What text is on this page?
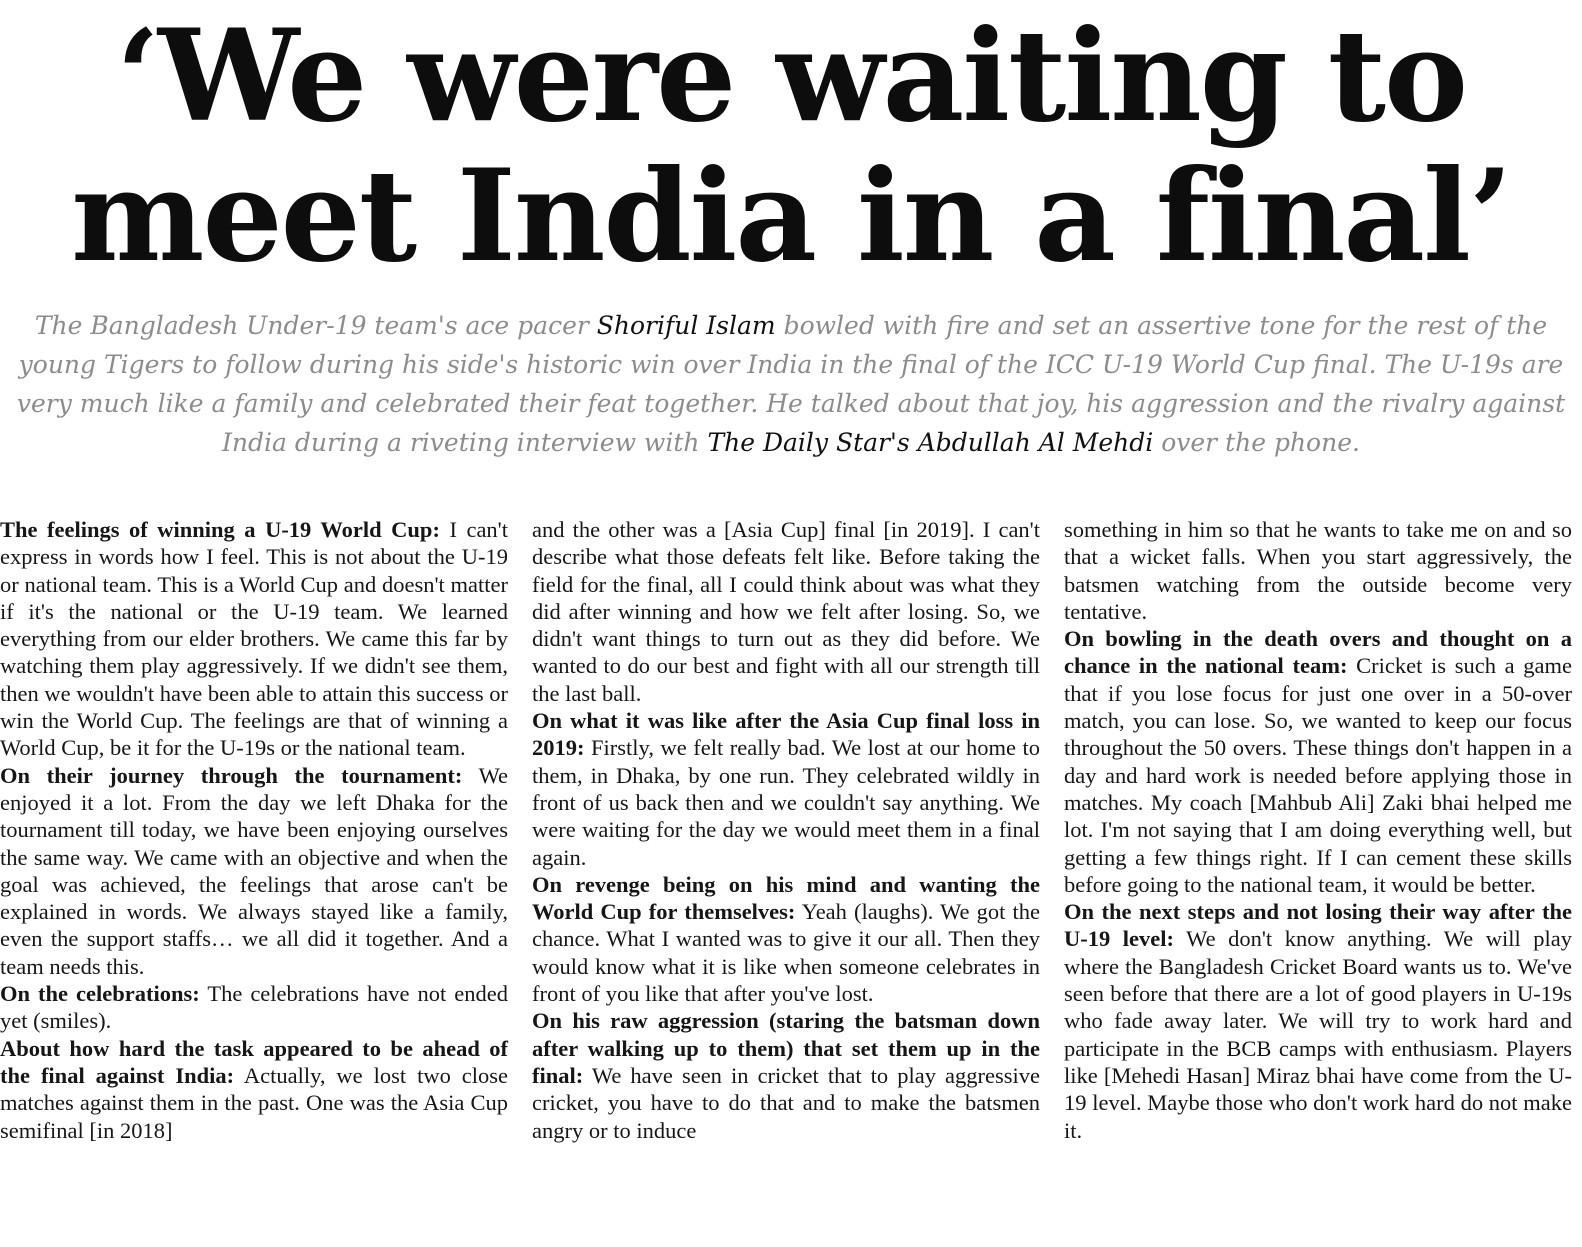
‘We were waiting to meet India in a final’

The Bangladesh Under-19 team's ace pacer Shoriful Islam bowled with fire and set an assertive tone for the rest of the young Tigers to follow during his side's historic win over India in the final of the ICC U-19 World Cup final. The U-19s are very much like a family and celebrated their feat together. He talked about that joy, his aggression and the rivalry against India during a riveting interview with The Daily Star's Abdullah Al Mehdi over the phone.

The feelings of winning a U-19 World Cup: I can't express in words how I feel. This is not about the U-19 or national team. This is a World Cup and doesn't matter if it's the national or the U-19 team. We learned everything from our elder brothers. We came this far by watching them play aggressively. If we didn't see them, then we wouldn't have been able to attain this success or win the World Cup. The feelings are that of winning a World Cup, be it for the U-19s or the national team.

On their journey through the tournament: We enjoyed it a lot. From the day we left Dhaka for the tournament till today, we have been enjoying ourselves the same way. We came with an objective and when the goal was achieved, the feelings that arose can't be explained in words. We always stayed like a family, even the support staffs… we all did it together. And a team needs this.

On the celebrations: The celebrations have not ended yet (smiles).

About how hard the task appeared to be ahead of the final against India: Actually, we lost two close matches against them in the past. One was the Asia Cup semifinal [in 2018]

and the other was a [Asia Cup] final [in 2019]. I can't describe what those defeats felt like. Before taking the field for the final, all I could think about was what they did after winning and how we felt after losing. So, we didn't want things to turn out as they did before. We wanted to do our best and fight with all our strength till the last ball.

On what it was like after the Asia Cup final loss in 2019: Firstly, we felt really bad. We lost at our home to them, in Dhaka, by one run. They celebrated wildly in front of us back then and we couldn't say anything. We were waiting for the day we would meet them in a final again.

On revenge being on his mind and wanting the World Cup for themselves: Yeah (laughs). We got the chance. What I wanted was to give it our all. Then they would know what it is like when someone celebrates in front of you like that after you've lost.

On his raw aggression (staring the batsman down after walking up to them) that set them up in the final: We have seen in cricket that to play aggressive cricket, you have to do that and to make the batsmen angry or to induce

something in him so that he wants to take me on and so that a wicket falls. When you start aggressively, the batsmen watching from the outside become very tentative.

On bowling in the death overs and thought on a chance in the national team: Cricket is such a game that if you lose focus for just one over in a 50-over match, you can lose. So, we wanted to keep our focus throughout the 50 overs. These things don't happen in a day and hard work is needed before applying those in matches. My coach [Mahbub Ali] Zaki bhai helped me lot. I'm not saying that I am doing everything well, but getting a few things right. If I can cement these skills before going to the national team, it would be better.

On the next steps and not losing their way after the U-19 level: We don't know anything. We will play where the Bangladesh Cricket Board wants us to. We've seen before that there are a lot of good players in U-19s who fade away later. We will try to work hard and participate in the BCB camps with enthusiasm. Players like [Mehedi Hasan] Miraz bhai have come from the U-19 level. Maybe those who don't work hard do not make it.
